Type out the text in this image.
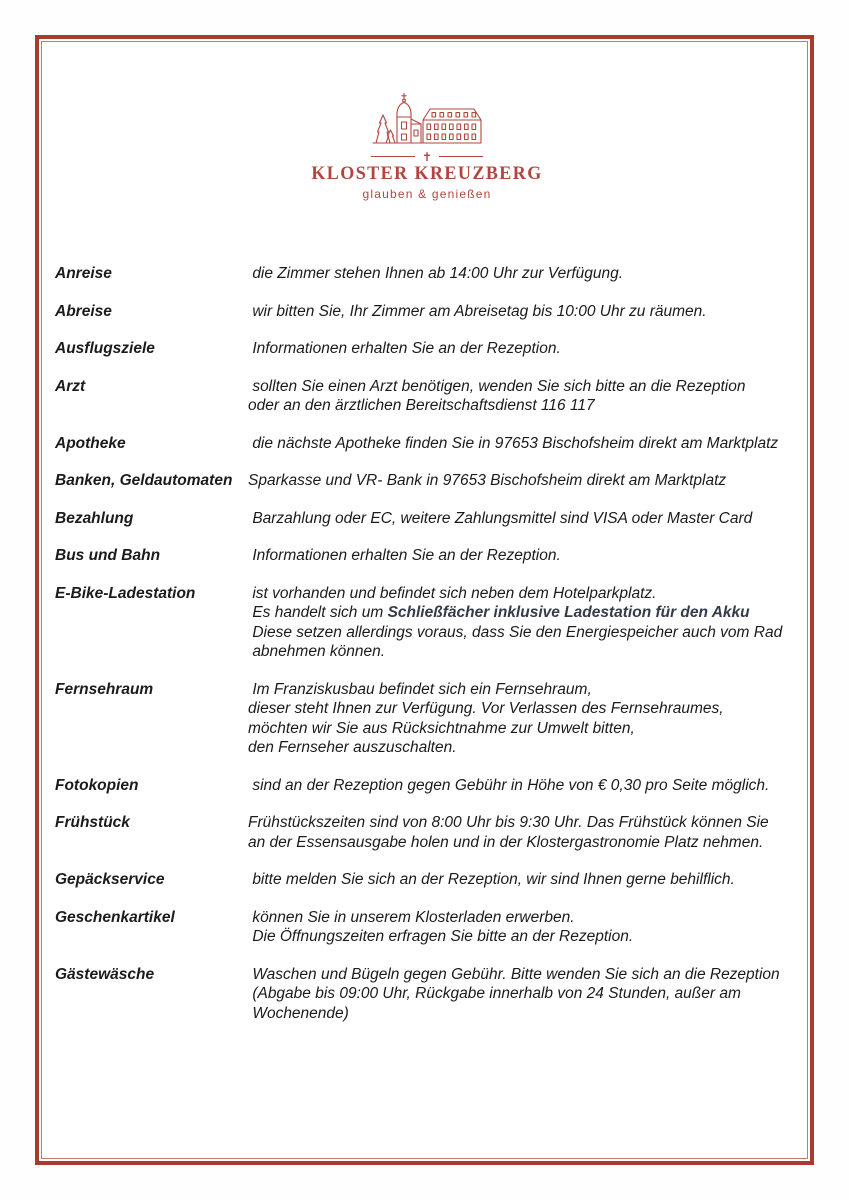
✝
KLOSTER KREUZBERG
glauben & genießen
Anreise	die Zimmer stehen Ihnen ab 14:00 Uhr zur Verfügung.
Abreise	wir bitten Sie, Ihr Zimmer am Abreisetag bis 10:00 Uhr zu räumen.
Ausflugsziele	Informationen erhalten Sie an der Rezeption.
Arzt	sollten Sie einen Arzt benötigen, wenden Sie sich bitte an die Rezeption
oder an den ärztlichen Bereitschaftsdienst 116 117
Apotheke	die nächste Apotheke finden Sie in 97653 Bischofsheim direkt am Marktplatz
Banken, Geldautomaten	Sparkasse und VR- Bank in 97653 Bischofsheim direkt am Marktplatz
Bezahlung	Barzahlung oder EC, weitere Zahlungsmittel sind VISA oder Master Card
Bus und Bahn	Informationen erhalten Sie an der Rezeption.
E-Bike-Ladestation	ist vorhanden und befindet sich neben dem Hotelparkplatz.
Es handelt sich um Schließfächer inklusive Ladestation für den Akku
Diese setzen allerdings voraus, dass Sie den Energiespeicher auch vom Rad
abnehmen können.
Fernsehraum	Im Franziskusbau befindet sich ein Fernsehraum,
dieser steht Ihnen zur Verfügung. Vor Verlassen des Fernsehraumes,
möchten wir Sie aus Rücksichtnahme zur Umwelt bitten,
den Fernseher auszuschalten.
Fotokopien	sind an der Rezeption gegen Gebühr in Höhe von € 0,30 pro Seite möglich.
Frühstück	Frühstückszeiten sind von 8:00 Uhr bis 9:30 Uhr. Das Frühstück können Sie
an der Essensausgabe holen und in der Klostergastronomie Platz nehmen.
Gepäckservice	bitte melden Sie sich an der Rezeption, wir sind Ihnen gerne behilflich.
Geschenkartikel	können Sie in unserem Klosterladen erwerben.
Die Öffnungszeiten erfragen Sie bitte an der Rezeption.
Gästewäsche	Waschen und Bügeln gegen Gebühr. Bitte wenden Sie sich an die Rezeption
(Abgabe bis 09:00 Uhr, Rückgabe innerhalb von 24 Stunden, außer am
Wochenende)
